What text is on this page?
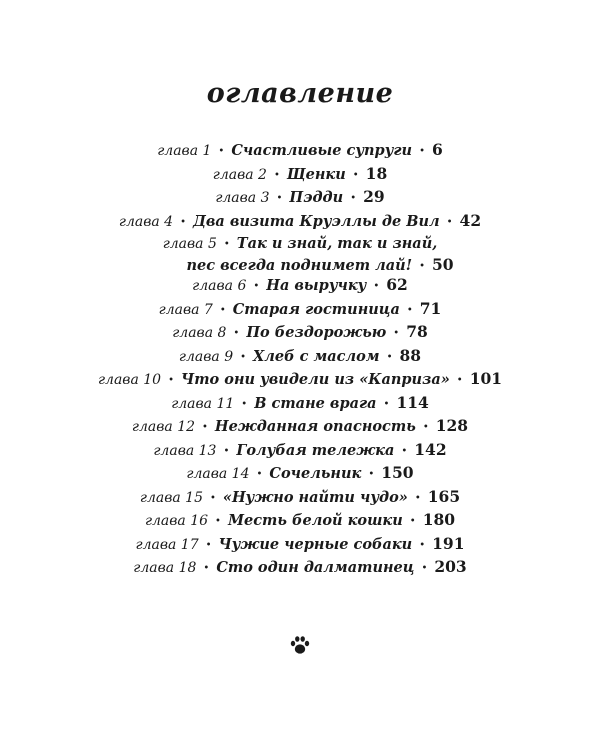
оглавление
глава 1 • Счастливые супруги • 6
глава 2 • Щенки • 18
глава 3 • Пэдди • 29
глава 4 • Два визита Круэллы де Вил • 42
глава 5 • Так и знай, так и знай,
пес всегда поднимет лай! • 50
глава 6 • На выручку • 62
глава 7 • Старая гостиница • 71
глава 8 • По бездорожью • 78
глава 9 • Хлеб с маслом • 88
глава 10 • Что они увидели из «Каприза» • 101
глава 11 • В стане врага • 114
глава 12 • Нежданная опасность • 128
глава 13 • Голубая тележка • 142
глава 14 • Сочельник • 150
глава 15 • «Нужно найти чудо» • 165
глава 16 • Месть белой кошки • 180
глава 17 • Чужие черные собаки • 191
глава 18 • Сто один далматинец • 203
